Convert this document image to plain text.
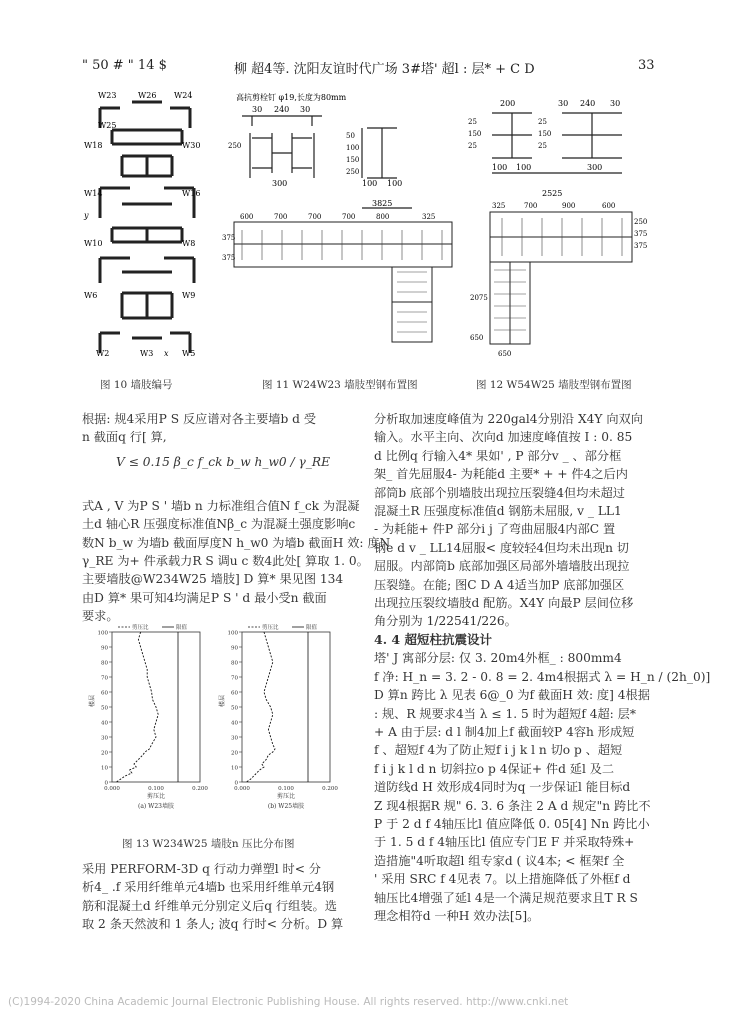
" 50 # " 14 $	柳 超4等. 沈阳友谊时代广场 3#塔' 超l : 层* + C D	33
W23	W26 W24
W25
W18	W30
W14	W16
W10	W8
W6	W9
W2	W3	W5
y
x
图 10 墙肢编号
高抗剪栓钉 φ19,长度为80mm
30 240 30
300	100 100
250
50
100
150
250
3825
600	700	700	700	800	325
375
375
图 11 W24W23 墙肢型钢布置图
200	30 240 30
100 100	300
25
150
25
25
150
25
2525
325	700	900	600
250
375
375
2075
650
650
图 12 W54W25 墙肢型钢布置图
根据: 规4采用P S 反应谱对各主要墙b d 受
n 截面q 行[ 算,
V ≤ 0.15 β_c f_ck b_w h_w0 / γ_RE
式A , V 为P S ' 墙b n 力标准组合值N f_ck 为混凝
土d 轴心R 压强度标准值Nβ_c 为混凝土强度影响c
数N b_w 为墙b 截面厚度N h_w0 为墙b 截面H 效: 度N
γ_RE 为+ 件承载力R S 调u c 数4此处[ 算取 1. 0。
主要墙肢@W234W25 墙肢] D 算* 果见图 134
由D 算* 果可知4均满足P S ' d 最小受n 截面
要求。
0
10
20
30
40
50
60
70
80
90
100
0.000	0.100	0.200
剪压比
楼层
(a) W23墙肢
剪压比	限值
0
10
20
30
40
50
60
70
80
90
100
0.000	0.100	0.200
剪压比
楼层
(b) W25墙肢
剪压比	限值
图 13 W234W25 墙肢n 压比分布图
采用 PERFORM-3D q 行动力弹塑l 时< 分
析4_ .f 采用纤维单元4墙b 也采用纤维单元4钢
筋和混凝土d 纤维单元分别定义后q 行组装。选
取 2 条天然波和 1 条人; 波q 行时< 分析。D 算
分析取加速度峰值为 220gal4分别沿 X4Y 向双向
输入。水平主向、次向d 加速度峰值按 I : 0. 85
d 比例q 行输入4* 果如' , P 部分v _ 、部分框
架_ 首先屈服4- 为耗能d 主要* + + 件4之后内
部筒b 底部个别墙肢出现拉压裂缝4但均未超过
混凝土R 压强度标准值d 钢筋未屈服, v _ LL1
- 为耗能+ 件P 部分i j 了弯曲屈服4内部C 置
钢e d v _ LL14屈服< 度较轻4但均未出现n 切
屈服。内部筒b 底部加强区局部外墙墙肢出现拉
压裂缝。在能; 图C D A 4适当加P 底部加强区
出现拉压裂纹墙肢d 配筋。X4Y 向最P 层间位移
角分别为 1/22541/226。
4. 4 超短柱抗震设计
塔' J 寓部分层: 仅 3. 20m4外框_ : 800mm4
f 净: H_n = 3. 2 - 0. 8 = 2. 4m4根据式 λ = H_n / (2h_0)]
D 算n 跨比 λ 见表 6@_0 为f 截面H 效: 度] 4根据
: 规、R 规要求4当 λ ≤ 1. 5 时为超短f 4超: 层*
+ A 由于层: d l 制4加上f 截面较P 4容h 形成短
f 、超短f 4为了防止短f i j k l n 切o p 、超短
f i j k l d n 切斜拉o p 4保证+ 件d 延l 及二
道防线d H 效形成4同时为q 一步保证l 能目标d
Z 现4根据R 规" 6. 3. 6 条注 2 A d 规定"n 跨比不
P 于 2 d f 4轴压比l 值应降低 0. 05[4] Nn 跨比小
于 1. 5 d f 4轴压比l 值应专门E F 并采取特殊+
造措施"4听取超l 组专家d ( 议4本; < 框架f 全
' 采用 SRC f 4见表 7。以上措施降低了外框f d
轴压比4增强了延l 4是一个满足规范要求且T R S
理念相符d 一种H 效办法[5]。
(C)1994-2020 China Academic Journal Electronic Publishing House. All rights reserved. http://www.cnki.net
